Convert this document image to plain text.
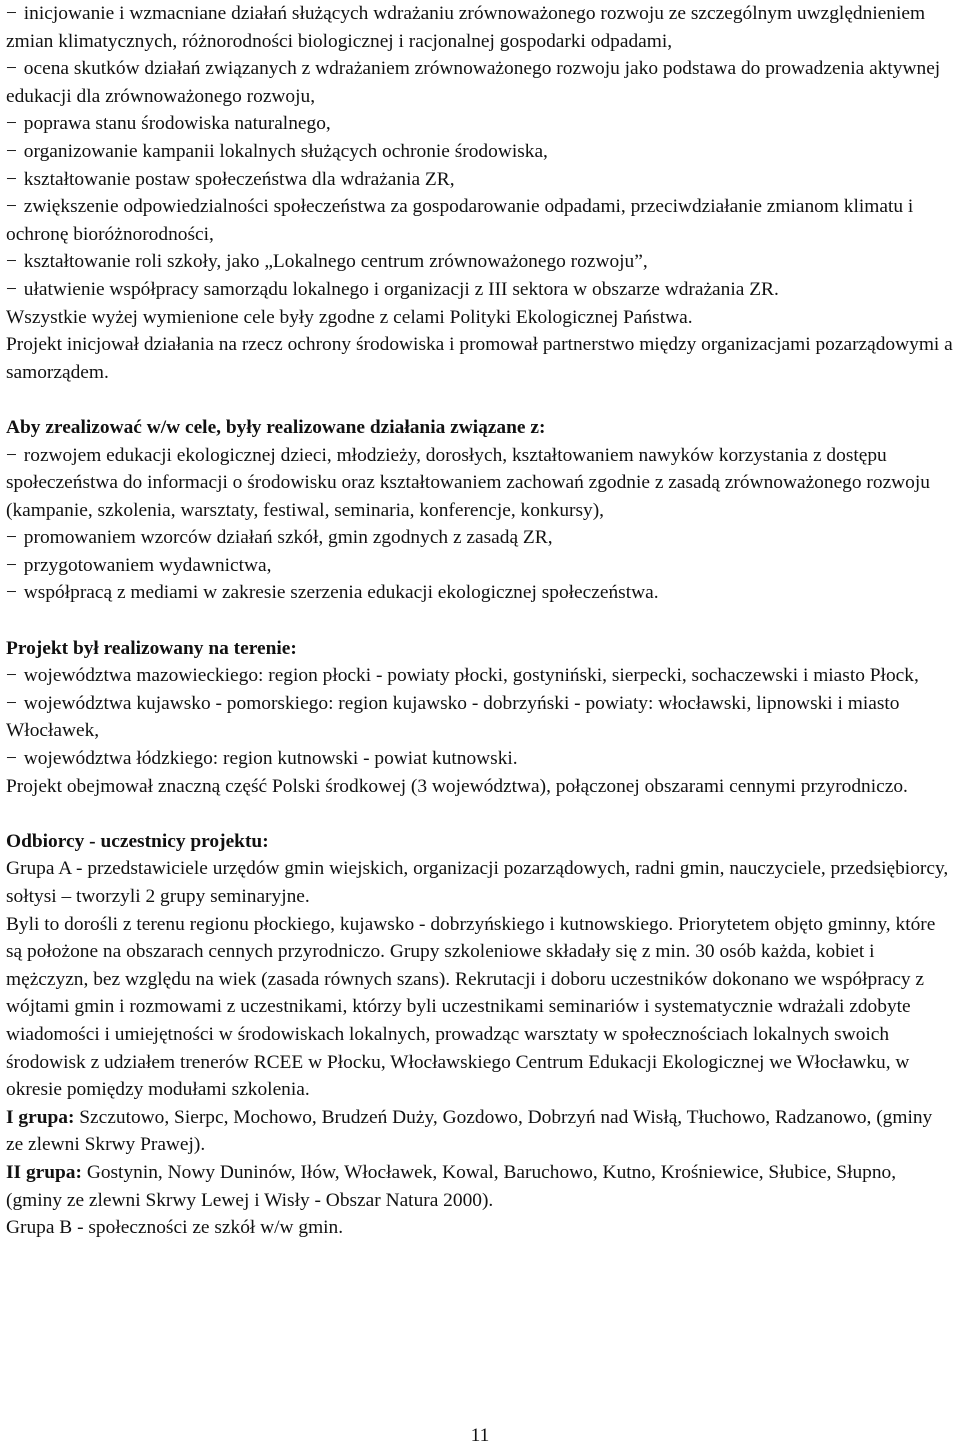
− inicjowanie i wzmacniane działań służących wdrażaniu zrównoważonego rozwoju ze szczególnym uwzględnieniem zmian klimatycznych, różnorodności biologicznej i racjonalnej gospodarki odpadami,

− ocena skutków działań związanych z wdrażaniem zrównoważonego rozwoju jako podstawa do prowadzenia aktywnej edukacji dla zrównoważonego rozwoju,

− poprawa stanu środowiska naturalnego,

− organizowanie kampanii lokalnych służących ochronie środowiska,

− kształtowanie postaw społeczeństwa dla wdrażania ZR,

− zwiększenie odpowiedzialności społeczeństwa za gospodarowanie odpadami, przeciwdziałanie zmianom klimatu i ochronę bioróżnorodności,

− kształtowanie roli szkoły, jako „Lokalnego centrum zrównoważonego rozwoju”,

− ułatwienie współpracy samorządu lokalnego i organizacji z III sektora w obszarze wdrażania ZR.

Wszystkie wyżej wymienione cele były zgodne z celami Polityki Ekologicznej Państwa.

Projekt inicjował działania na rzecz ochrony środowiska i promował partnerstwo między organizacjami pozarządowymi a samorządem.

Aby zrealizować w/w cele, były realizowane działania związane z:

− rozwojem edukacji ekologicznej dzieci, młodzieży, dorosłych, kształtowaniem nawyków korzystania z dostępu społeczeństwa do informacji o środowisku oraz kształtowaniem zachowań zgodnie z zasadą zrównoważonego rozwoju (kampanie, szkolenia, warsztaty, festiwal, seminaria, konferencje, konkursy),

− promowaniem wzorców działań szkół, gmin zgodnych z zasadą ZR,

− przygotowaniem wydawnictwa,

− współpracą z mediami w zakresie szerzenia edukacji ekologicznej społeczeństwa.

Projekt był realizowany na terenie:

− województwa mazowieckiego: region płocki - powiaty płocki, gostyniński, sierpecki, sochaczewski i miasto Płock,

− województwa kujawsko - pomorskiego: region kujawsko - dobrzyński - powiaty: włocławski, lipnowski i miasto Włocławek,

− województwa łódzkiego: region kutnowski - powiat kutnowski.

Projekt obejmował znaczną część Polski środkowej (3 województwa), połączonej obszarami cennymi przyrodniczo.

Odbiorcy - uczestnicy projektu:

Grupa A - przedstawiciele urzędów gmin wiejskich, organizacji pozarządowych, radni gmin, nauczyciele, przedsiębiorcy, sołtysi – tworzyli 2 grupy seminaryjne.

Byli to dorośli z terenu regionu płockiego, kujawsko - dobrzyńskiego i kutnowskiego. Priorytetem objęto gminny, które są położone na obszarach cennych przyrodniczo. Grupy szkoleniowe składały się z min. 30 osób każda, kobiet i mężczyzn, bez względu na wiek (zasada równych szans). Rekrutacji i doboru uczestników dokonano we współpracy z wójtami gmin i rozmowami z uczestnikami, którzy byli uczestnikami seminariów i systematycznie wdrażali zdobyte wiadomości i umiejętności w środowiskach lokalnych, prowadząc warsztaty w społecznościach lokalnych swoich środowisk z udziałem trenerów RCEE w Płocku, Włocławskiego Centrum Edukacji Ekologicznej we Włocławku, w okresie pomiędzy modułami szkolenia.

I grupa: Szczutowo, Sierpc, Mochowo, Brudzeń Duży, Gozdowo, Dobrzyń nad Wisłą, Tłuchowo, Radzanowo, (gminy ze zlewni Skrwy Prawej).

II grupa: Gostynin, Nowy Duninów, Iłów, Włocławek, Kowal, Baruchowo, Kutno, Krośniewice, Słubice, Słupno, (gminy ze zlewni Skrwy Lewej i Wisły - Obszar Natura 2000).

Grupa B - społeczności ze szkół w/w gmin.

11
